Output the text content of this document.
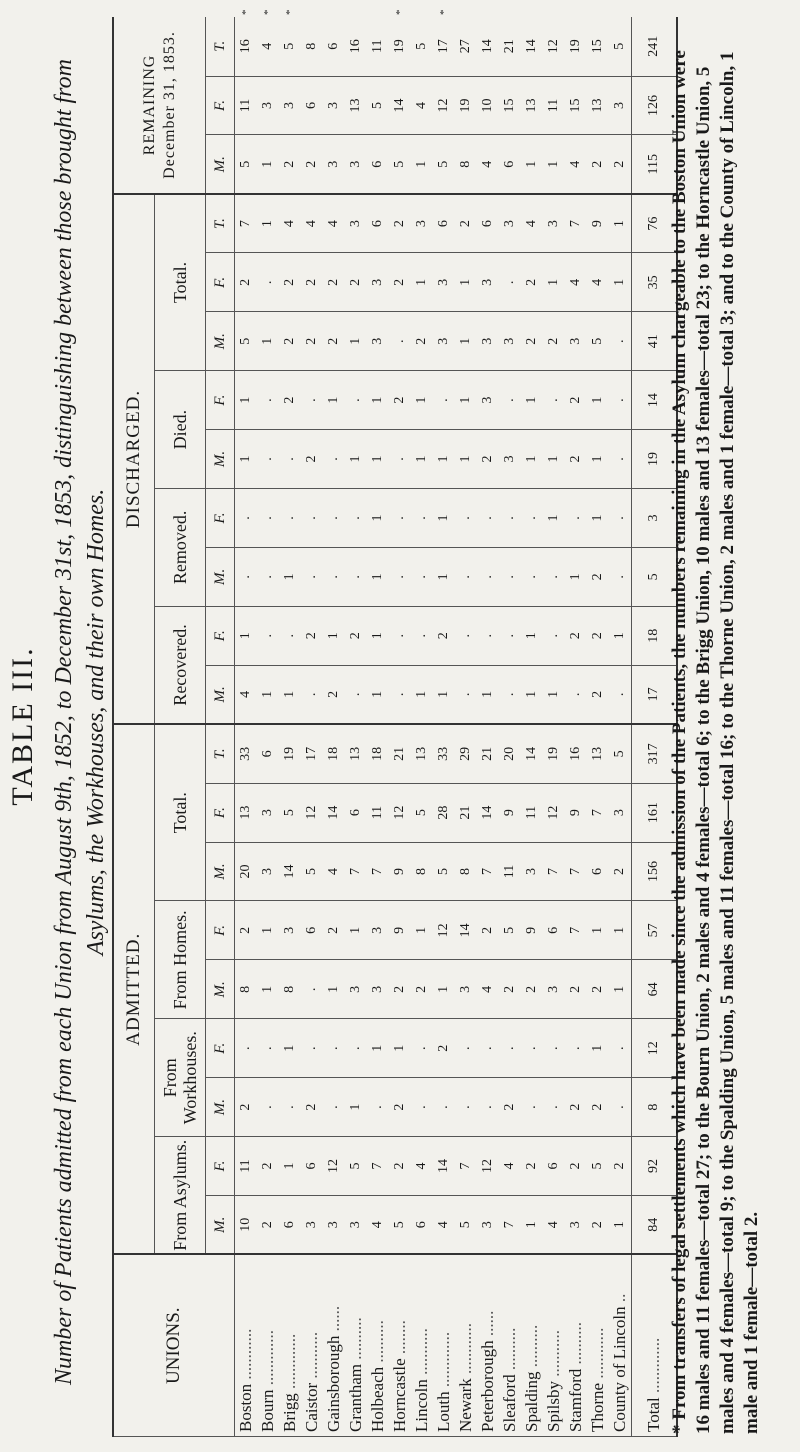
TABLE III. Number of Patients admitted from each Union from August 9th, 1852, to December 31st, 1853, distinguishing between those brought from Asylums, the Workhouses, and their own Homes.
UNIONS.	ADMITTED.									DISCHARGED.									REMAINING December 31, 1853.			
	From Asylums.		From Workhouses.		From Homes.		Total.			Recovered.		Removed.		Died.		Total.						
	M.	F.	M.	F.	M.	F.	M.	F.	T.	M.	F.	M.	F.	M.	F.	M.	F.	T.	M.	F.	T.	
Boston ............	10	11	2	.	8	2	20	13	33	4	1	.	.	1	1	5	2	7	5	11	16	*
Bourn .............	2	2	.	.	1	1	3	3	6	1	.	.	.	.	.	1	.	1	1	3	4	*
Brigg .............	6	1	.	1	8	3	14	5	19	1	.	1	.	.	2	2	2	4	2	3	5	*
Caistor ...........	3	6	2	.	.	6	5	12	17	.	2	.	.	2	.	2	2	4	2	6	8	
Gainsborough ......	3	12	.	.	1	2	4	14	18	2	1	.	.	.	1	2	2	4	3	3	6	
Grantham ..........	3	5	1	.	3	1	7	6	13	.	2	.	.	1	.	1	2	3	3	13	16	
Holbeach ..........	4	7	.	1	3	3	7	11	18	1	1	1	1	1	1	3	3	6	6	5	11	
Horncastle ........	5	2	2	1	2	9	9	12	21	.	.	.	.	.	2	.	2	2	5	14	19	*
Lincoln ...........	6	4	.	.	2	1	8	5	13	1	.	.	.	1	1	2	1	3	1	4	5	
Louth .............	4	14	.	2	1	12	5	28	33	1	2	1	1	1	.	3	3	6	5	12	17	*
Newark ............	5	7	.	.	3	14	8	21	29	.	.	.	.	1	1	1	1	2	8	19	27	
Peterborough ......	3	12	.	.	4	2	7	14	21	1	.	.	.	2	3	3	3	6	4	10	14	
Sleaford ..........	7	4	2	.	2	5	11	9	20	.	.	.	.	3	.	3	.	3	6	15	21	
Spalding ..........	1	2	.	.	2	9	3	11	14	1	1	.	.	1	1	2	2	4	1	13	14	
Spilsby ...........	4	6	.	.	3	6	7	12	19	1	.	.	1	1	.	2	1	3	1	11	12	
Stamford ..........	3	2	2	.	2	7	7	9	16	.	2	1	.	2	2	3	4	7	4	15	19	
Thorne ............	2	5	2	1	2	1	6	7	13	2	2	2	1	1	1	5	4	9	2	13	15	
County of Lincoln ..	1	2	.	.	1	1	2	3	5	.	1	.	.	.	.	.	1	1	2	3	5	
Total .............	84	92	8	12	64	57	156	161	317	17	18	5	3	19	14	41	35	76	115	126	241	
* From transfers of legal settlements which have been made since the admission of the Patients, the numbers remaining in the Asylum chargeable to the Boston Union were 16 males and 11 females—total 27; to the Bourn Union, 2 males and 4 females—total 6; to the Brigg Union, 10 males and 13 females—total 23; to the Horncastle Union, 5 males and 4 females—total 9; to the Spalding Union, 5 males and 11 females—total 16; to the Thorne Union, 2 males and 1 female—total 3; and to the County of Lincoln, 1 male and 1 female—total 2.
